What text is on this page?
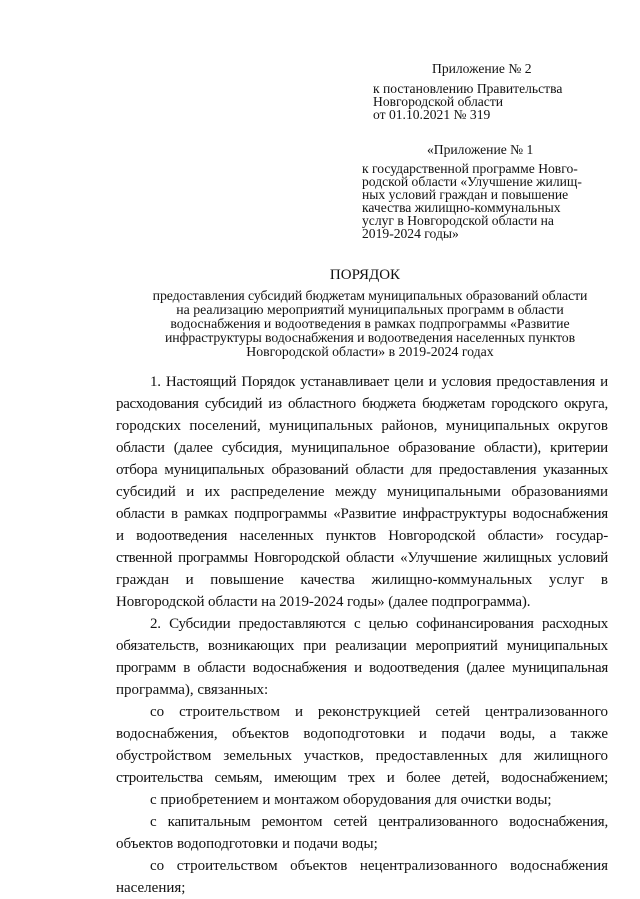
Приложение № 2
к постановлению Правительства
Новгородской области
от 01.10.2021 № 319
«Приложение № 1
к государственной программе Новго-
родской области «Улучшение жилищ-
ных условий граждан и повышение
качества жилищно-коммунальных
услуг в Новгородской области на
2019-2024 годы»
ПОРЯДОК
предоставления субсидий бюджетам муниципальных образований области
на реализацию мероприятий муниципальных программ в области
водоснабжения и водоотведения в рамках подпрограммы «Развитие
инфраструктуры водоснабжения и водоотведения населенных пунктов
Новгородской области» в 2019-2024 годах
1. Настоящий Порядок устанавливает цели и условия предоставления и
расходования субсидий из областного бюджета бюджетам городского округа,
городских поселений, муниципальных районов, муниципальных округов
области (далее субсидия, муниципальное образование области), критерии
отбора муниципальных образований области для предоставления указанных
субсидий и их распределение между муниципальными образованиями
области в рамках подпрограммы «Развитие инфраструктуры водоснабжения
и водоотведения населенных пунктов Новгородской области» государ-
ственной программы Новгородской области «Улучшение жилищных условий
граждан и повышение качества жилищно-коммунальных услуг в
Новгородской области на 2019-2024 годы» (далее подпрограмма).
2. Субсидии предоставляются с целью софинансирования расходных
обязательств, возникающих при реализации мероприятий муниципальных
программ в области водоснабжения и водоотведения (далее муниципальная
программа), связанных:
со строительством и реконструкцией сетей централизованного
водоснабжения, объектов водоподготовки и подачи воды, а также
обустройством земельных участков, предоставленных для жилищного
строительства семьям, имеющим трех и более детей, водоснабжением;
с приобретением и монтажом оборудования для очистки воды;
с капитальным ремонтом сетей централизованного водоснабжения,
объектов водоподготовки и подачи воды;
со строительством объектов нецентрализованного водоснабжения
населения;
